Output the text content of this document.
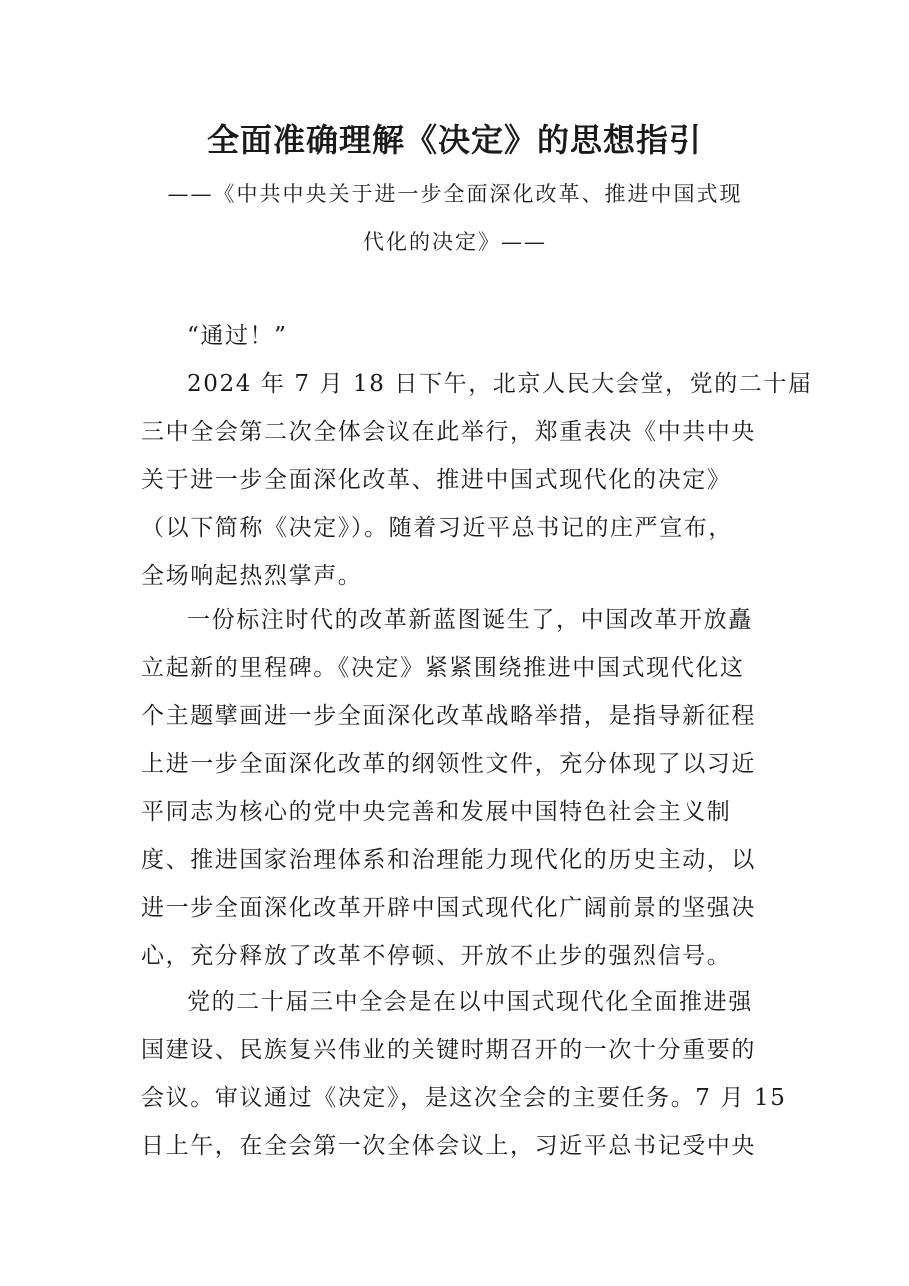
全面准确理解《决定》的思想指引
——《中共中央关于进一步全面深化改革、推进中国式现
代化的决定》——
“通过！”
2024 年 7 月 18 日下午，北京人民大会堂，党的二十届
三中全会第二次全体会议在此举行，郑重表决《中共中央
关于进一步全面深化改革、推进中国式现代化的决定》
（以下简称《决定》）。随着习近平总书记的庄严宣布，
全场响起热烈掌声。
一份标注时代的改革新蓝图诞生了，中国改革开放矗
立起新的里程碑。《决定》紧紧围绕推进中国式现代化这
个主题擘画进一步全面深化改革战略举措，是指导新征程
上进一步全面深化改革的纲领性文件，充分体现了以习近
平同志为核心的党中央完善和发展中国特色社会主义制
度、推进国家治理体系和治理能力现代化的历史主动，以
进一步全面深化改革开辟中国式现代化广阔前景的坚强决
心，充分释放了改革不停顿、开放不止步的强烈信号。
党的二十届三中全会是在以中国式现代化全面推进强
国建设、民族复兴伟业的关键时期召开的一次十分重要的
会议。审议通过《决定》，是这次全会的主要任务。7 月 15
日上午，在全会第一次全体会议上，习近平总书记受中央
